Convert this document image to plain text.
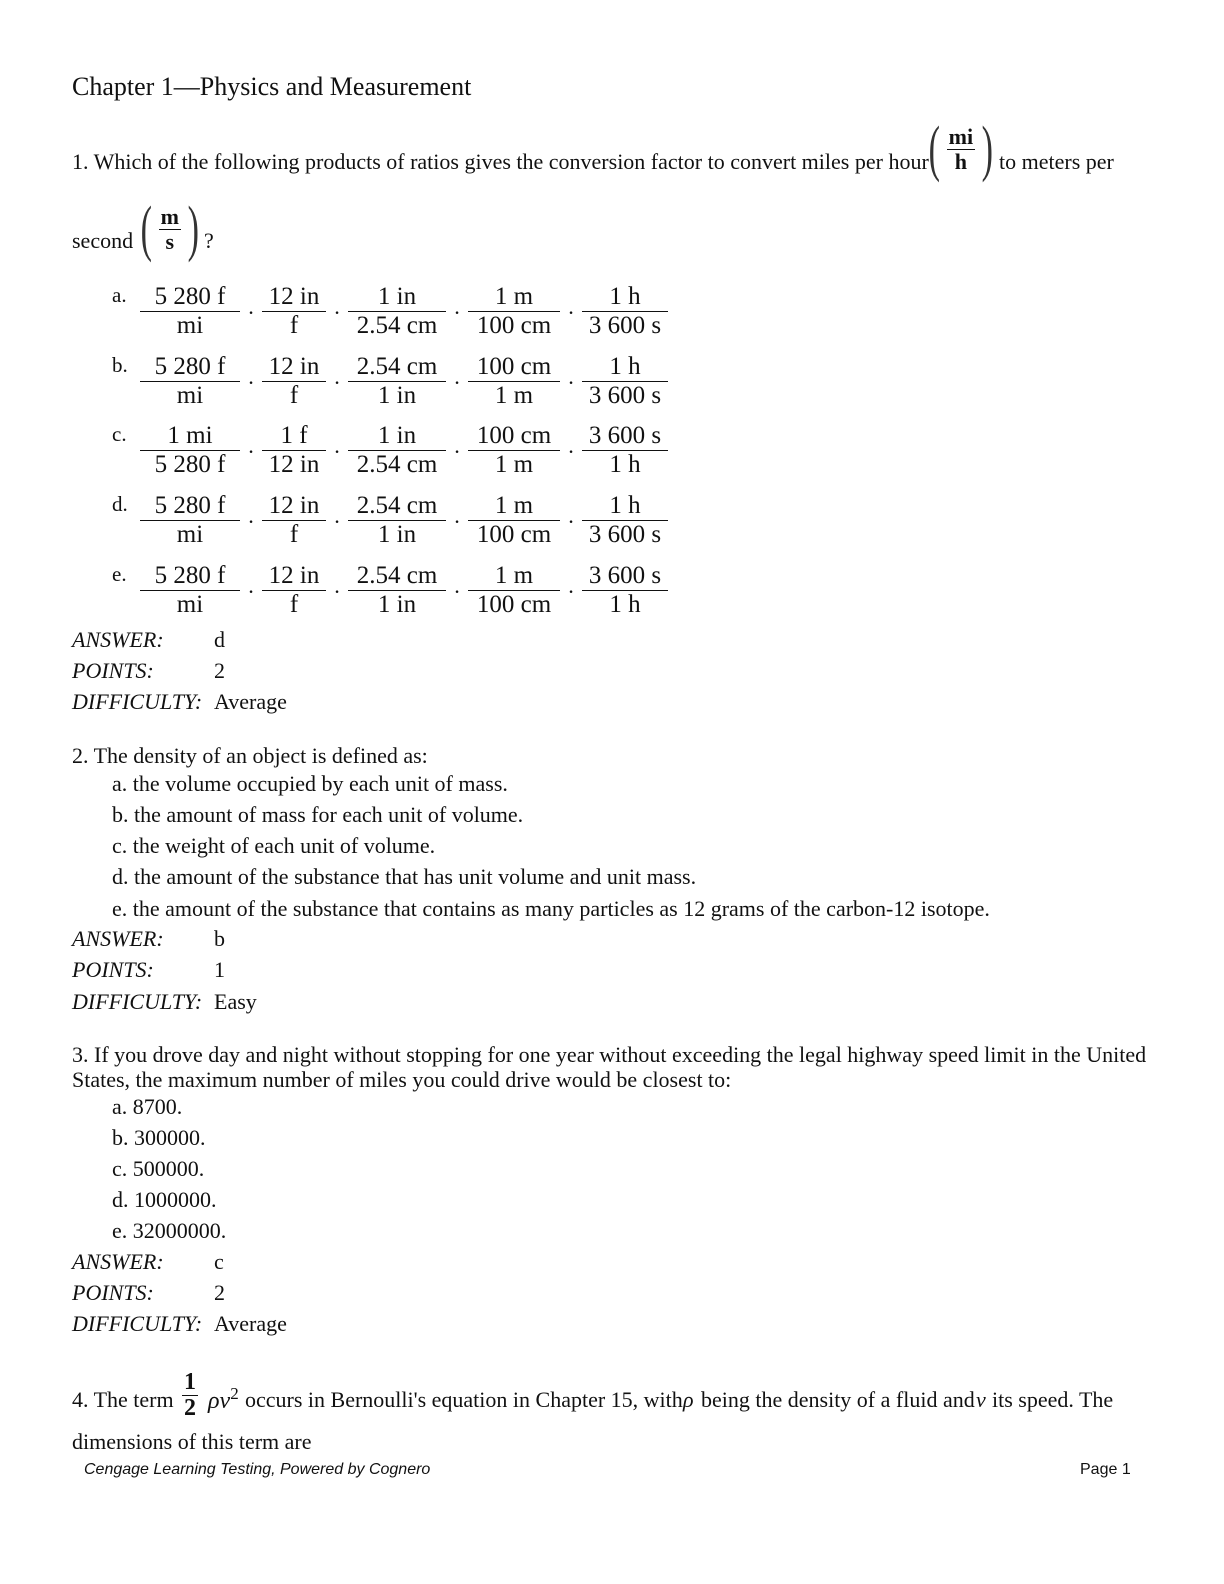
Chapter 1—Physics and Measurement
1. Which of the following products of ratios gives the conversion factor to convert miles per hour ( $\frac{mi}{h}$ ) to meters per
second ( $\frac{m}{s}$ ) ?
a. $\frac{5 280 f}{mi} \cdot \frac{12 in}{f} \cdot \frac{1 in}{2.54 cm} \cdot \frac{1 m}{100 cm} \cdot \frac{1 h}{3 600 s}$
b. $\frac{5 280 f}{mi} \cdot \frac{12 in}{f} \cdot \frac{2.54 cm}{1 in} \cdot \frac{100 cm}{1 m} \cdot \frac{1 h}{3 600 s}$
c. $\frac{1 mi}{5 280 f} \cdot \frac{1 f}{12 in} \cdot \frac{1 in}{2.54 cm} \cdot \frac{100 cm}{1 m} \cdot \frac{3 600 s}{1 h}$
d. $\frac{5 280 f}{mi} \cdot \frac{12 in}{f} \cdot \frac{2.54 cm}{1 in} \cdot \frac{1 m}{100 cm} \cdot \frac{1 h}{3 600 s}$
e. $\frac{5 280 f}{mi} \cdot \frac{12 in}{f} \cdot \frac{2.54 cm}{1 in} \cdot \frac{1 m}{100 cm} \cdot \frac{3 600 s}{1 h}$
ANSWER: d
POINTS:	2
DIFFICULTY: Average
2. The density of an object is defined as:
a. the volume occupied by each unit of mass.
b. the amount of mass for each unit of volume.
c. the weight of each unit of volume.
d. the amount of the substance that has unit volume and unit mass.
e. the amount of the substance that contains as many particles as 12 grams of the carbon-12 isotope.
ANSWER: b
POINTS:	1
DIFFICULTY: Easy
3. If you drove day and night without stopping for one year without exceeding the legal highway speed limit in the United
States, the maximum number of miles you could drive would be closest to:
a. 8700.
b. 300000.
c. 500000.
d. 1000000.
e. 32000000.
ANSWER: c
POINTS:	2
DIFFICULTY: Average
4. The term $\frac{1}{2} \rho v^2$ occurs in Bernoulli's equation in Chapter 15, with ρ being the density of a fluid and v its speed. The
dimensions of this term are
Cengage Learning Testing, Powered by Cognero	Page 1
